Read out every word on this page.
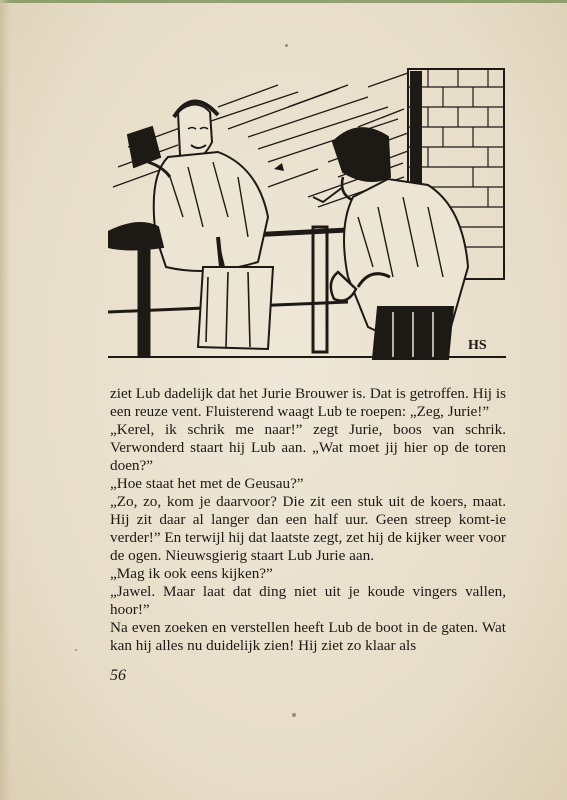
HS

ziet Lub dadelijk dat het Jurie Brouwer is. Dat is getroffen. Hij is een reuze vent. Fluisterend waagt Lub te roepen: „Zeg, Jurie!”

„Kerel, ik schrik me naar!” zegt Jurie, boos van schrik. Verwonderd staart hij Lub aan. „Wat moet jij hier op de toren doen?”

„Hoe staat het met de Geusau?”

„Zo, zo, kom je daarvoor? Die zit een stuk uit de koers, maat. Hij zit daar al langer dan een half uur. Geen streep komt-ie verder!” En terwijl hij dat laatste zegt, zet hij de kijker weer voor de ogen. Nieuwsgierig staart Lub Jurie aan.

„Mag ik ook eens kijken?”

„Jawel. Maar laat dat ding niet uit je koude vingers vallen, hoor!”

Na even zoeken en verstellen heeft Lub de boot in de gaten. Wat kan hij alles nu duidelijk zien! Hij ziet zo klaar als

56
